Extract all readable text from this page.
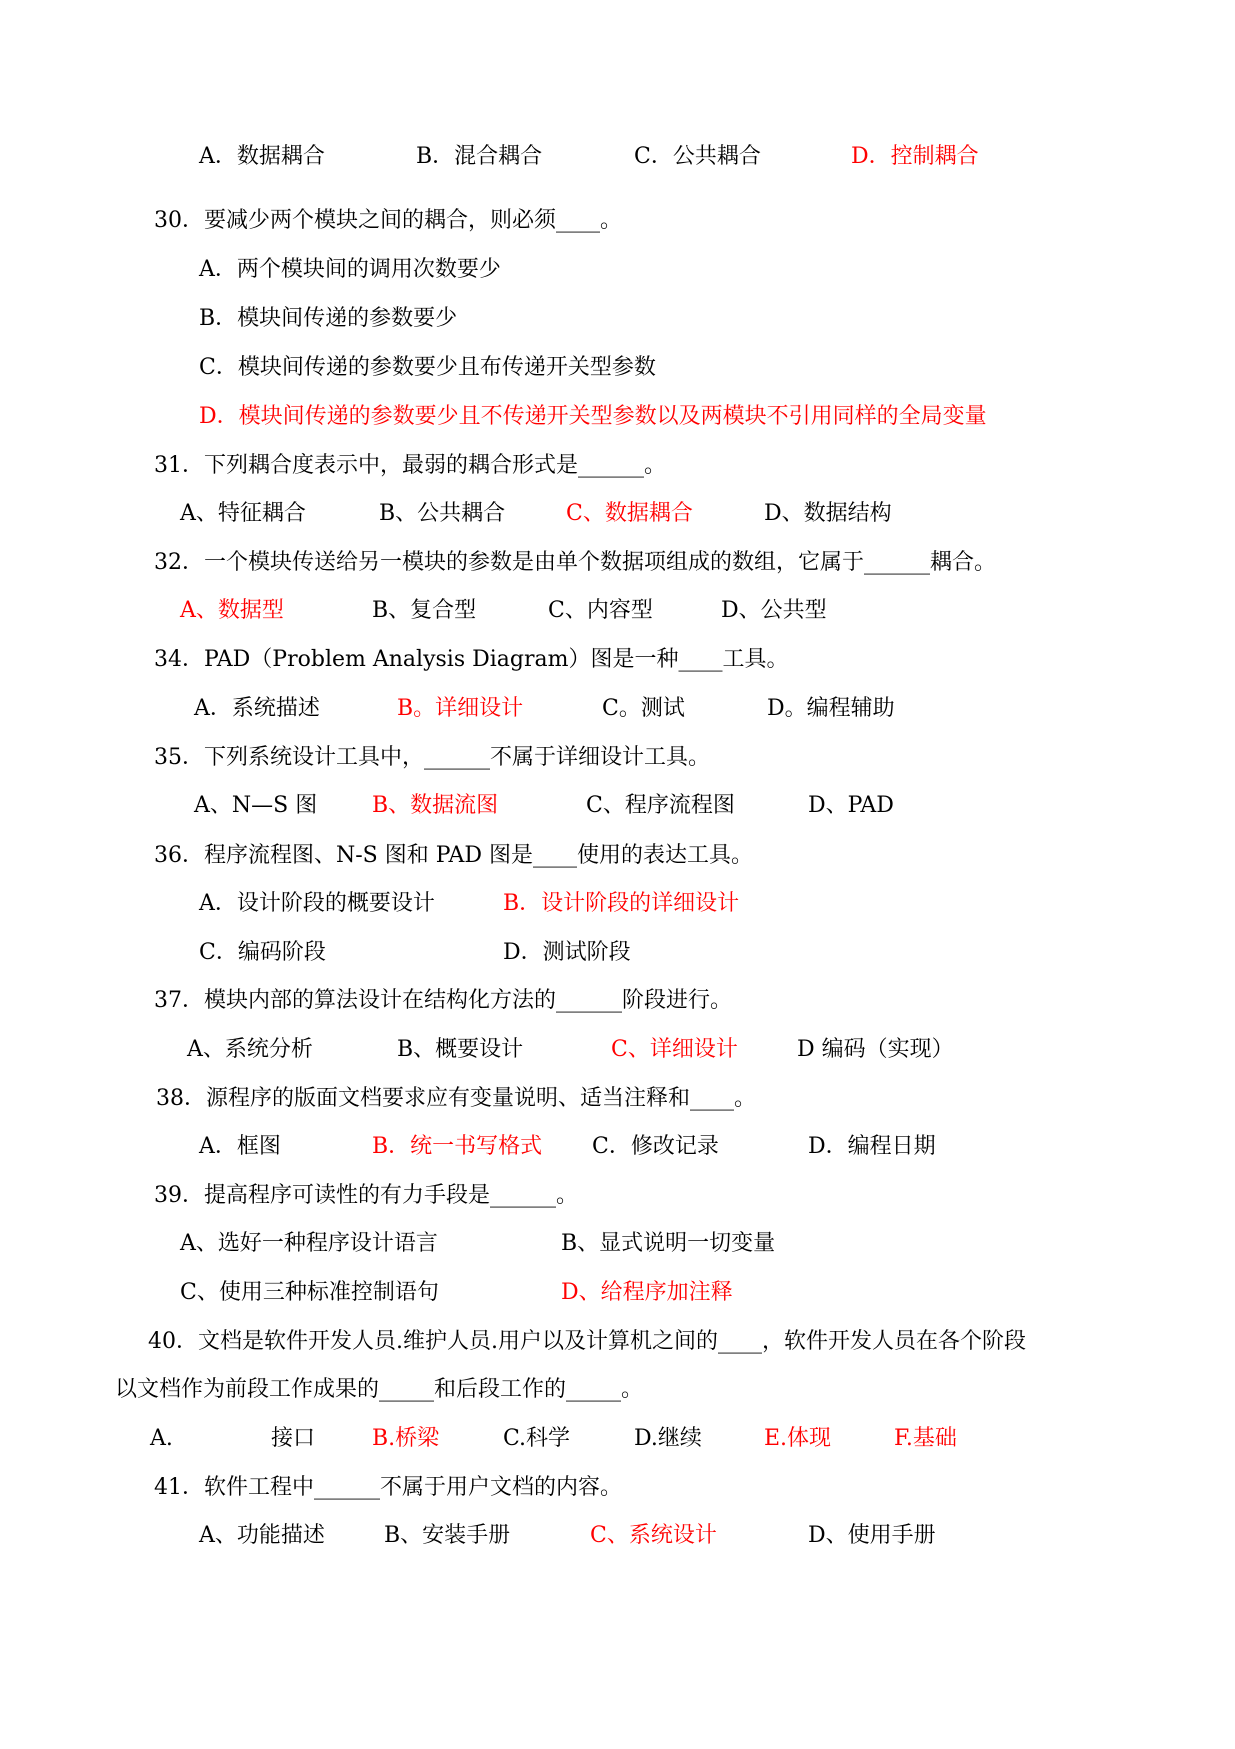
A．数据耦合	B．混合耦合	C．公共耦合	D．控制耦合
30．要减少两个模块之间的耦合，则必须____。
A．两个模块间的调用次数要少
B．模块间传递的参数要少
C．模块间传递的参数要少且布传递开关型参数
D．模块间传递的参数要少且不传递开关型参数以及两模块不引用同样的全局变量
31．下列耦合度表示中，最弱的耦合形式是______。
A、特征耦合	B、公共耦合	C、数据耦合	D、数据结构
32．一个模块传送给另一模块的参数是由单个数据项组成的数组，它属于______耦合。
A、数据型	B、复合型	C、内容型	D、公共型
34．PAD（Problem Analysis Diagram）图是一种____工具。
A．系统描述	B。详细设计	C。测试	D。编程辅助
35．下列系统设计工具中，______不属于详细设计工具。
A、N—S 图 B、数据流图	C、程序流程图	D、PAD
36．程序流程图、N-S 图和 PAD 图是____使用的表达工具。
A．设计阶段的概要设计	B．设计阶段的详细设计
C．编码阶段	D．测试阶段
37．模块内部的算法设计在结构化方法的______阶段进行。
A、系统分析	B、概要设计	C、详细设计	D 编码（实现）
38．源程序的版面文档要求应有变量说明、适当注释和____。
A．框图	B．统一书写格式 C．修改记录	D．编程日期
39．提高程序可读性的有力手段是______。
A、选好一种程序设计语言	B、显式说明一切变量
C、使用三种标准控制语句	D、给程序加注释
40．文档是软件开发人员.维护人员.用户以及计算机之间的____，软件开发人员在各个阶段
以文档作为前段工作成果的_____和后段工作的_____。
A.	接口	B.桥梁	C.科学	D.继续	E.体现	F.基础
41．软件工程中______不属于用户文档的内容。
A、功能描述	B、安装手册	C、系统设计	D、使用手册
